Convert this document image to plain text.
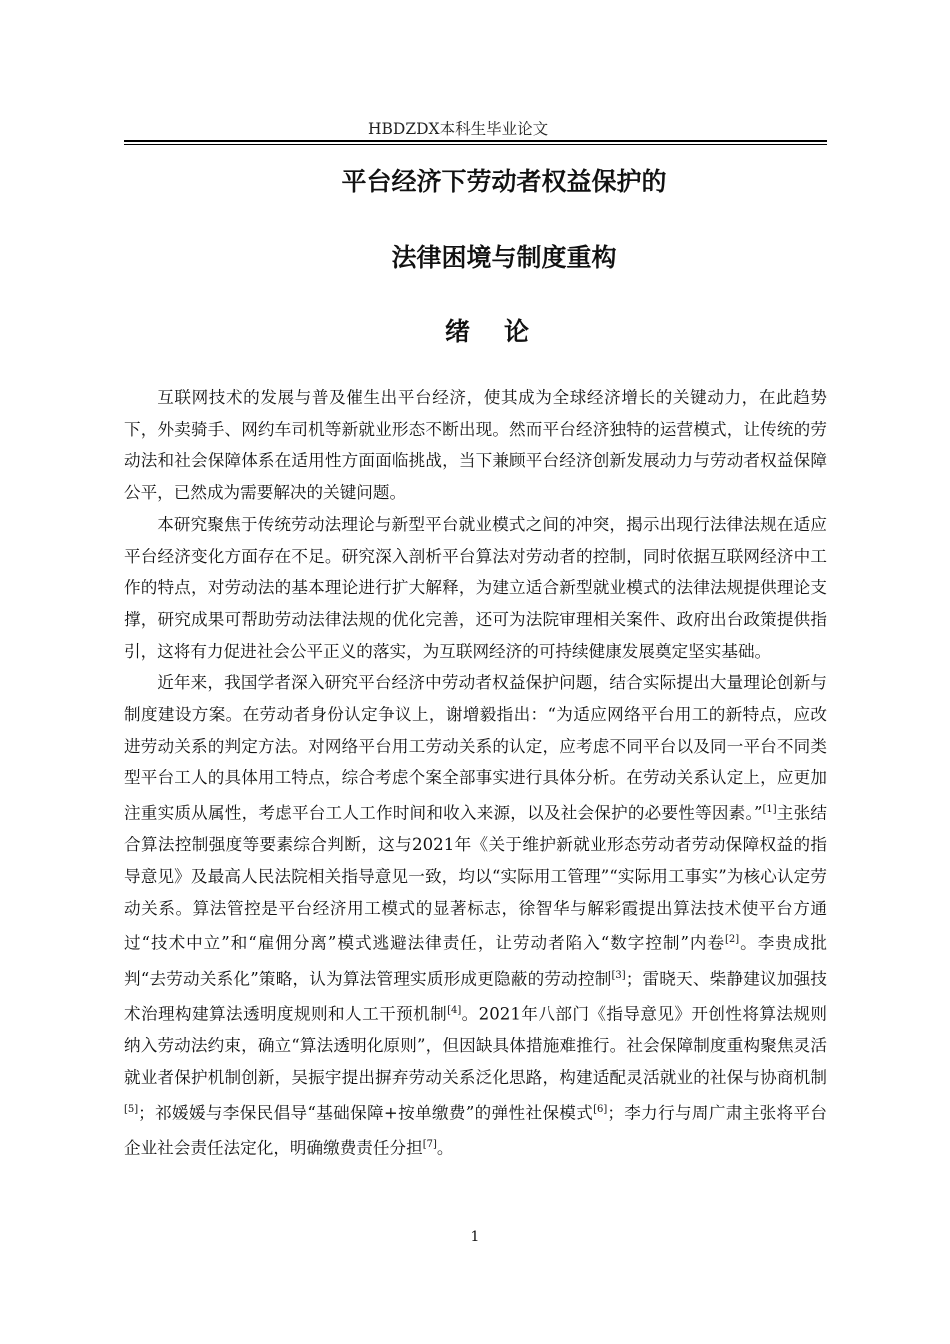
HBDZDX本科生毕业论文
平台经济下劳动者权益保护的
法律困境与制度重构
绪论

互联网技术的发展与普及催生出平台经济，使其成为全球经济增长的关键动力，在此趋势下，外卖骑手、网约车司机等新就业形态不断出现。然而平台经济独特的运营模式，让传统的劳动法和社会保障体系在适用性方面面临挑战，当下兼顾平台经济创新发展动力与劳动者权益保障公平，已然成为需要解决的关键问题。

本研究聚焦于传统劳动法理论与新型平台就业模式之间的冲突，揭示出现行法律法规在适应平台经济变化方面存在不足。研究深入剖析平台算法对劳动者的控制，同时依据互联网经济中工作的特点，对劳动法的基本理论进行扩大解释，为建立适合新型就业模式的法律法规提供理论支撑，研究成果可帮助劳动法律法规的优化完善，还可为法院审理相关案件、政府出台政策提供指引，这将有力促进社会公平正义的落实，为互联网经济的可持续健康发展奠定坚实基础。

近年来，我国学者深入研究平台经济中劳动者权益保护问题，结合实际提出大量理论创新与制度建设方案。在劳动者身份认定争议上，谢增毅指出：“为适应网络平台用工的新特点，应改进劳动关系的判定方法。对网络平台用工劳动关系的认定，应考虑不同平台以及同一平台不同类型平台工人的具体用工特点，综合考虑个案全部事实进行具体分析。在劳动关系认定上，应更加注重实质从属性，考虑平台工人工作时间和收入来源，以及社会保护的必要性等因素。”[1]主张结合算法控制强度等要素综合判断，这与2021年《关于维护新就业形态劳动者劳动保障权益的指导意见》及最高人民法院相关指导意见一致，均以“实际用工管理”“实际用工事实”为核心认定劳动关系。算法管控是平台经济用工模式的显著标志，徐智华与解彩霞提出算法技术使平台方通过“技术中立”和“雇佣分离”模式逃避法律责任，让劳动者陷入“数字控制”内卷[2]。李贵成批判“去劳动关系化”策略，认为算法管理实质形成更隐蔽的劳动控制[3]；雷晓天、柴静建议加强技术治理构建算法透明度规则和人工干预机制[4]。2021年八部门《指导意见》开创性将算法规则纳入劳动法约束，确立“算法透明化原则”，但因缺具体措施难推行。社会保障制度重构聚焦灵活就业者保护机制创新，吴振宇提出摒弃劳动关系泛化思路，构建适配灵活就业的社保与协商机制[5]；祁媛媛与李保民倡导“基础保障+按单缴费”的弹性社保模式[6]；李力行与周广肃主张将平台企业社会责任法定化，明确缴费责任分担[7]。

1
